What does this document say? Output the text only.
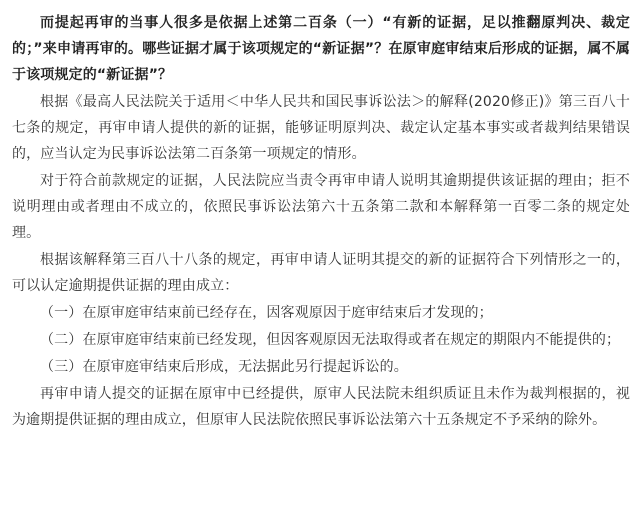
而提起再审的当事人很多是依据上述第二百条（一）“有新的证据，足以推翻原判决、裁定的；”来申请再审的。哪些证据才属于该项规定的“新证据”？在原审庭审结束后形成的证据，属不属于该项规定的“新证据”？

根据《最高人民法院关于适用＜中华人民共和国民事诉讼法＞的解释(2020修正)》第三百八十七条的规定，再审申请人提供的新的证据，能够证明原判决、裁定认定基本事实或者裁判结果错误的，应当认定为民事诉讼法第二百条第一项规定的情形。

对于符合前款规定的证据，人民法院应当责令再审申请人说明其逾期提供该证据的理由；拒不说明理由或者理由不成立的，依照民事诉讼法第六十五条第二款和本解释第一百零二条的规定处理。

根据该解释第三百八十八条的规定，再审申请人证明其提交的新的证据符合下列情形之一的，可以认定逾期提供证据的理由成立：

（一）在原审庭审结束前已经存在，因客观原因于庭审结束后才发现的；

（二）在原审庭审结束前已经发现，但因客观原因无法取得或者在规定的期限内不能提供的；

（三）在原审庭审结束后形成，无法据此另行提起诉讼的。

再审申请人提交的证据在原审中已经提供，原审人民法院未组织质证且未作为裁判根据的，视为逾期提供证据的理由成立，但原审人民法院依照民事诉讼法第六十五条规定不予采纳的除外。
